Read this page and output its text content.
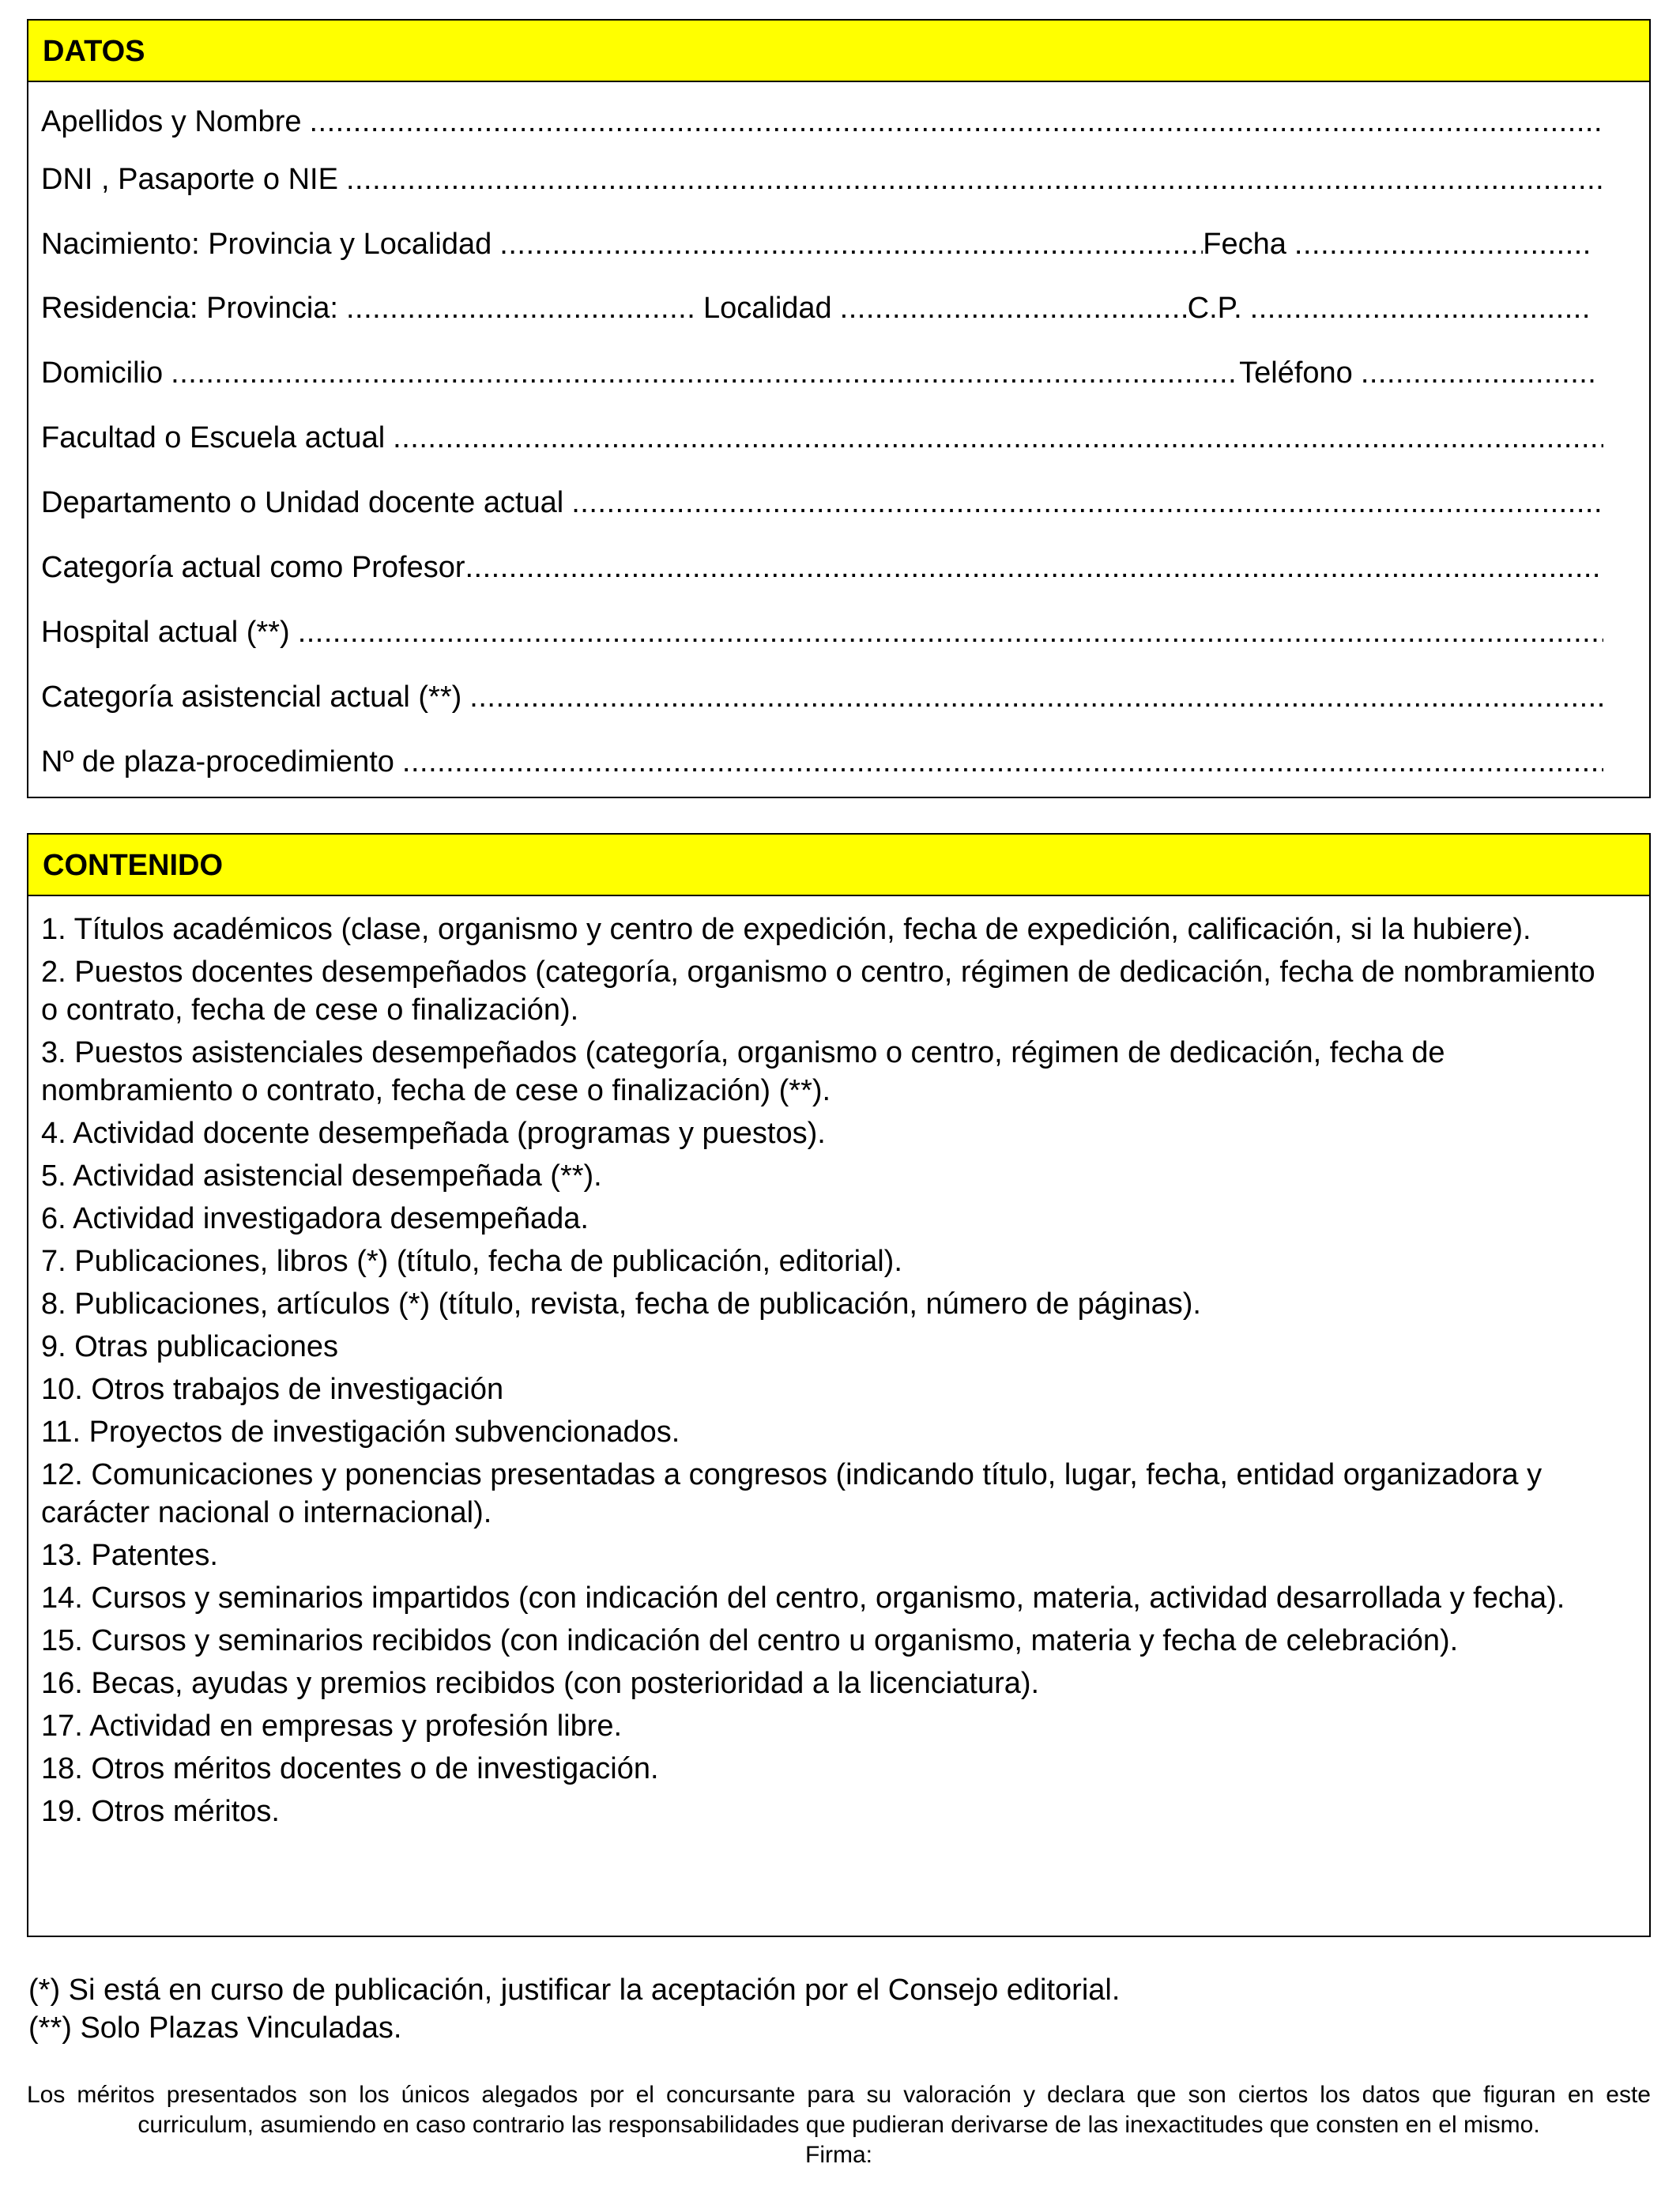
DATOS
Apellidos y Nombre
.....
DNI , Pasaporte o NIE
.....
Nacimiento: Provincia y Localidad .....	Fecha
.....
Residencia: Provincia: .....	Localidad .....	C.P.
.....
Domicilio .....	Teléfono
.....
Facultad o Escuela actual
.....
Departamento o Unidad docente actual
.....
Categoría actual como Profesor
.....
Hospital actual (**)
.....
Categoría asistencial actual (**)
.....
Nº de plaza-procedimiento
.....
CONTENIDO
1. Títulos académicos (clase, organismo y centro de expedición, fecha de expedición, calificación, si la hubiere).
2. Puestos docentes desempeñados (categoría, organismo o centro, régimen de dedicación, fecha de nombramiento o contrato, fecha de cese o finalización).
3. Puestos asistenciales desempeñados (categoría, organismo o centro, régimen de dedicación, fecha de nombramiento o contrato, fecha de cese o finalización) (**).
4. Actividad docente desempeñada (programas y puestos).
5. Actividad asistencial desempeñada (**).
6. Actividad investigadora desempeñada.
7. Publicaciones, libros (*) (título, fecha de publicación, editorial).
8. Publicaciones, artículos (*) (título, revista, fecha de publicación, número de páginas).
9. Otras publicaciones
10. Otros trabajos de investigación
11. Proyectos de investigación subvencionados.
12. Comunicaciones y ponencias presentadas a congresos (indicando título, lugar, fecha, entidad organizadora y carácter nacional o internacional).
13. Patentes.
14. Cursos y seminarios impartidos (con indicación del centro, organismo, materia, actividad desarrollada y fecha).
15. Cursos y seminarios recibidos (con indicación del centro u organismo, materia y fecha de celebración).
16. Becas, ayudas y premios recibidos (con posterioridad a la licenciatura).
17. Actividad en empresas y profesión libre.
18. Otros méritos docentes o de investigación.
19. Otros méritos.
(*) Si está en curso de publicación, justificar la aceptación por el Consejo editorial.
(**) Solo Plazas Vinculadas.
Los méritos presentados son los únicos alegados por el concursante para su valoración y declara que son ciertos los datos que figuran en este curriculum, asumiendo en caso contrario las responsabilidades que pudieran derivarse de las inexactitudes que consten en el mismo.
Firma:
